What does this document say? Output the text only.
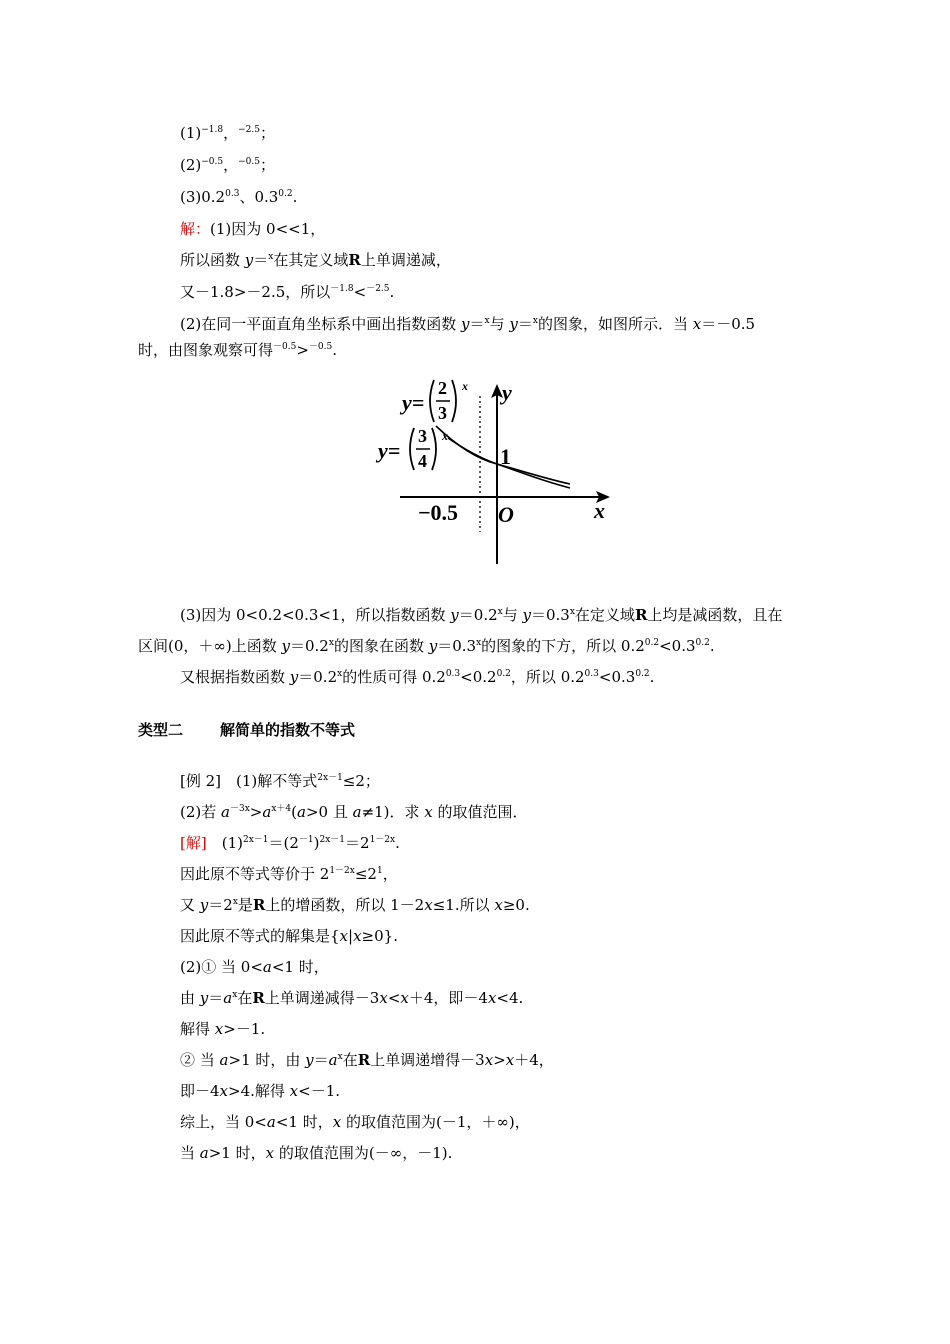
$(1)^{-1.8}$，$^{-2.5}$；
$(2)^{-0.5}$，$^{-0.5}$；
$(3)0.2^{0.3}$、$0.3^{0.2}$.
解：(1)因为 0<<1，
所以函数 y＝$^x$在其定义域R上单调递减，
又－1.8>－2.5，所以$^{-1.8}$<$^{-2.5}$.
(2)在同一平面直角坐标系中画出指数函数 y＝$^x$与 y＝$^x$的图象，如图所示．当 x＝－0.5
时，由图象观察可得$^{-0.5}$>$^{-0.5}$.
y=
2
3
x
y=
3
4
x
y
x
1
−0.5 O
(3)因为 0<0.2<0.3<1，所以指数函数 $y=0.2^x$与 $y=0.3^x$在定义域R上均是减函数，且在
区间(0，＋∞)上函数 $y=0.2^x$的图象在函数 $y=0.3^x$的图象的下方，所以 $0.2^{0.2}<0.3^{0.2}$.
又根据指数函数 $y=0.2^x$的性质可得 $0.2^{0.3}<0.2^{0.2}$，所以 $0.2^{0.3}<0.3^{0.2}$.
类型二 解简单的指数不等式
[例 2]　(1)解不等式$^{2x-1}$≤2；
(2)若 $a^{-3x}>a^{x+4}(a>0$ 且 a≠1)．求 x 的取值范围．
[解]　$(1)^{2x-1}=(2^{-1})^{2x-1}=2^{1-2x}$.
因此原不等式等价于 $2^{1-2x}\le 2^1$，
又 $y=2^x$是R上的增函数，所以 1－2x≤1.所以 x≥0.
因此原不等式的解集是{x|x≥0}.
(2)① 当 0<a<1 时，
由 $y=a^x$在R上单调递减得－3x<x＋4，即－4x<4.
解得 x>－1.
② 当 a>1 时，由 $y=a^x$在R上单调递增得－3x>x＋4，
即－4x>4.解得 x<－1.
综上，当 0<a<1 时，x 的取值范围为(－1，＋∞)，
当 a>1 时，x 的取值范围为(－∞，－1).
